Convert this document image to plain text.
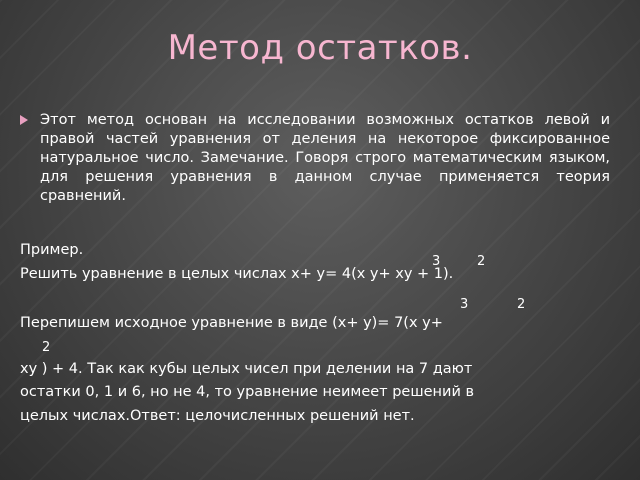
Метод остатков.
Этот метод основан на исследовании возможных остатков левой и правой частей уравнения от деления на некоторое фиксированное натуральное число. Замечание. Говоря строго математическим языком, для решения уравнения в данном случае применяется теория сравнений.
Пример.
3	2
Решить уравнение в целых числах x+ y= 4(x y+ xy + 1).
3	2
Перепишем исходное уравнение в виде (x+ y)= 7(x y+
2
xy ) + 4. Так как кубы целых чисел при делении на 7 дают
остатки 0, 1 и 6, но не 4, то уравнение неимеет решений в
целых числах.Ответ: целочисленных решений нет.
